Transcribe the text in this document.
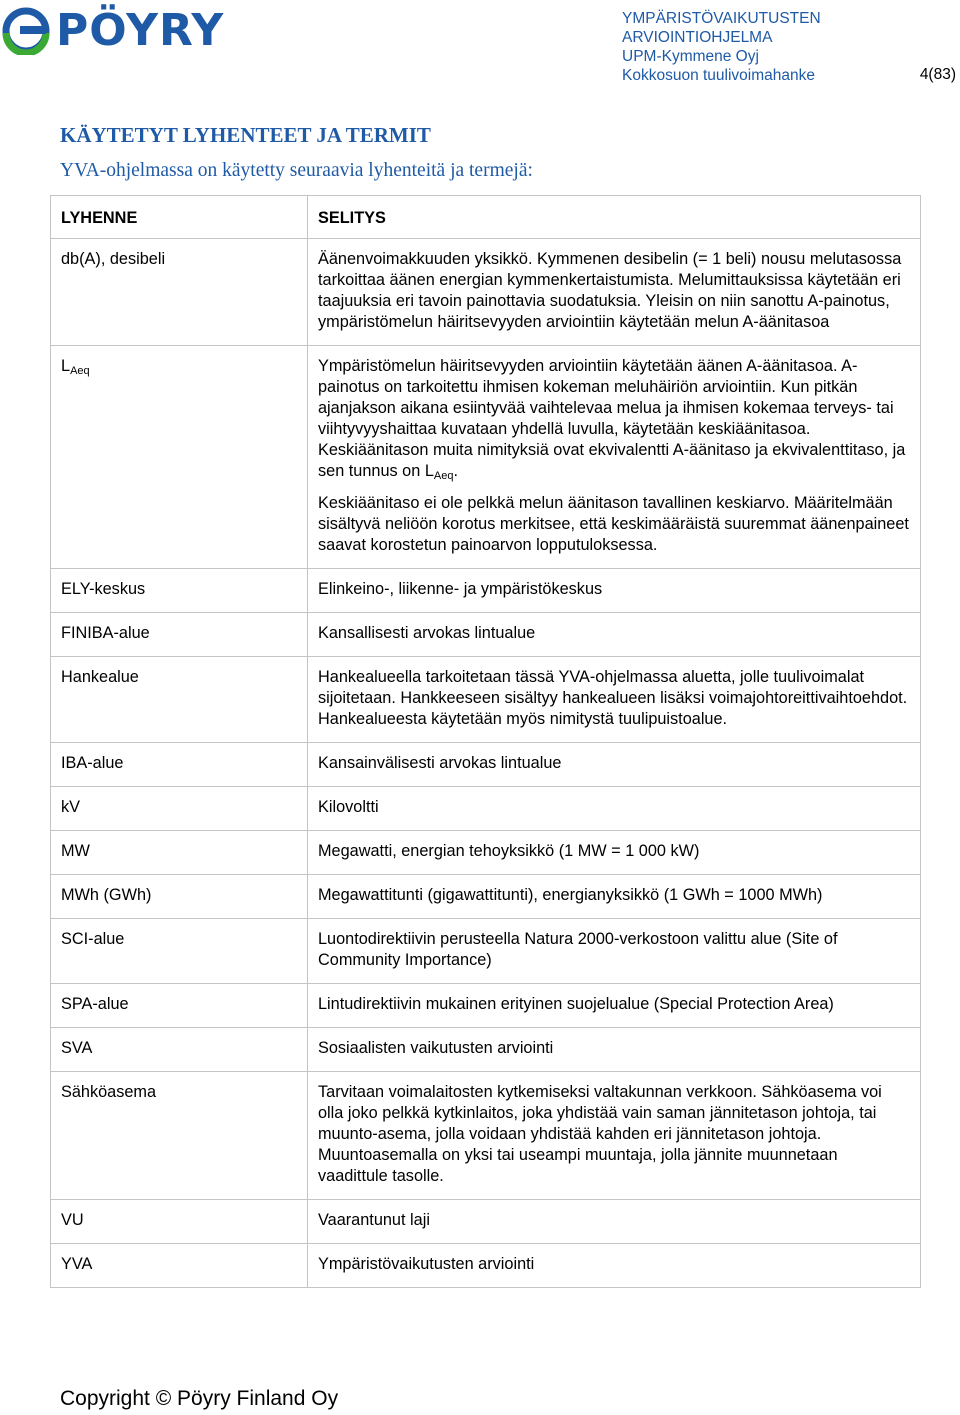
PÖYRY	YMPÄRISTÖVAIKUTUSTEN
ARVIOINTIOHJELMA
UPM-Kymmene Oyj
Kokkosuon tuulivoimahanke	4(83)
KÄYTETYT LYHENTEET JA TERMIT
YVA-ohjelmassa on käytetty seuraavia lyhenteitä ja termejä:
LYHENNE	SELITYS
db(A), desibeli	Äänenvoimakkuuden yksikkö. Kymmenen desibelin (= 1 beli) nousu melutasossa tarkoittaa äänen energian kymmenkertaistumista. Melumittauksissa käytetään eri taajuuksia eri tavoin painottavia suodatuksia. Yleisin on niin sanottu A-painotus, ympäristömelun häiritsevyyden arviointiin käytetään melun A-äänitasoa

$L_{Aeq}$	Ympäristömelun häiritsevyyden arviointiin käytetään äänen A-äänitasoa. A-painotus on tarkoitettu ihmisen kokeman meluhäiriön arviointiin. Kun pitkän ajanjakson aikana esiintyvää vaihtelevaa melua ja ihmisen kokemaa terveys- tai viihtyvyyshaittaa kuvataan yhdellä luvulla, käytetään keskiäänitasoa. Keskiäänitason muita nimityksiä ovat ekvivalentti A-äänitaso ja ekvivalenttitaso, ja sen tunnus on $L_{Aeq}$.

Keskiäänitaso ei ole pelkkä melun äänitason tavallinen keskiarvo. Määritelmään sisältyvä neliöön korotus merkitsee, että keskimääräistä suuremmat äänenpaineet saavat korostetun painoarvon lopputuloksessa.

ELY-keskus	Elinkeino-, liikenne- ja ympäristökeskus

FINIBA-alue	Kansallisesti arvokas lintualue

Hankealue	Hankealueella tarkoitetaan tässä YVA-ohjelmassa aluetta, jolle tuulivoimalat sijoitetaan. Hankkeeseen sisältyy hankealueen lisäksi voimajohtoreittivaihtoehdot. Hankealueesta käytetään myös nimitystä tuulipuistoalue.

IBA-alue	Kansainvälisesti arvokas lintualue

kV	Kilovoltti

MW	Megawatti, energian tehoyksikkö (1 MW = 1 000 kW)

MWh (GWh)	Megawattitunti (gigawattitunti), energianyksikkö (1 GWh = 1000 MWh)

SCI-alue	Luontodirektiivin perusteella Natura 2000-verkostoon valittu alue (Site of Community Importance)

SPA-alue	Lintudirektiivin mukainen erityinen suojelualue (Special Protection Area)

SVA	Sosiaalisten vaikutusten arviointi

Sähköasema	Tarvitaan voimalaitosten kytkemiseksi valtakunnan verkkoon. Sähköasema voi olla joko pelkkä kytkinlaitos, joka yhdistää vain saman jännitetason johtoja, tai muunto-asema, jolla voidaan yhdistää kahden eri jännitetason johtoja. Muuntoasemalla on yksi tai useampi muuntaja, jolla jännite muunnetaan vaadittule tasolle.

VU	Vaarantunut laji

YVA	Ympäristövaikutusten arviointi

Copyright © Pöyry Finland Oy
